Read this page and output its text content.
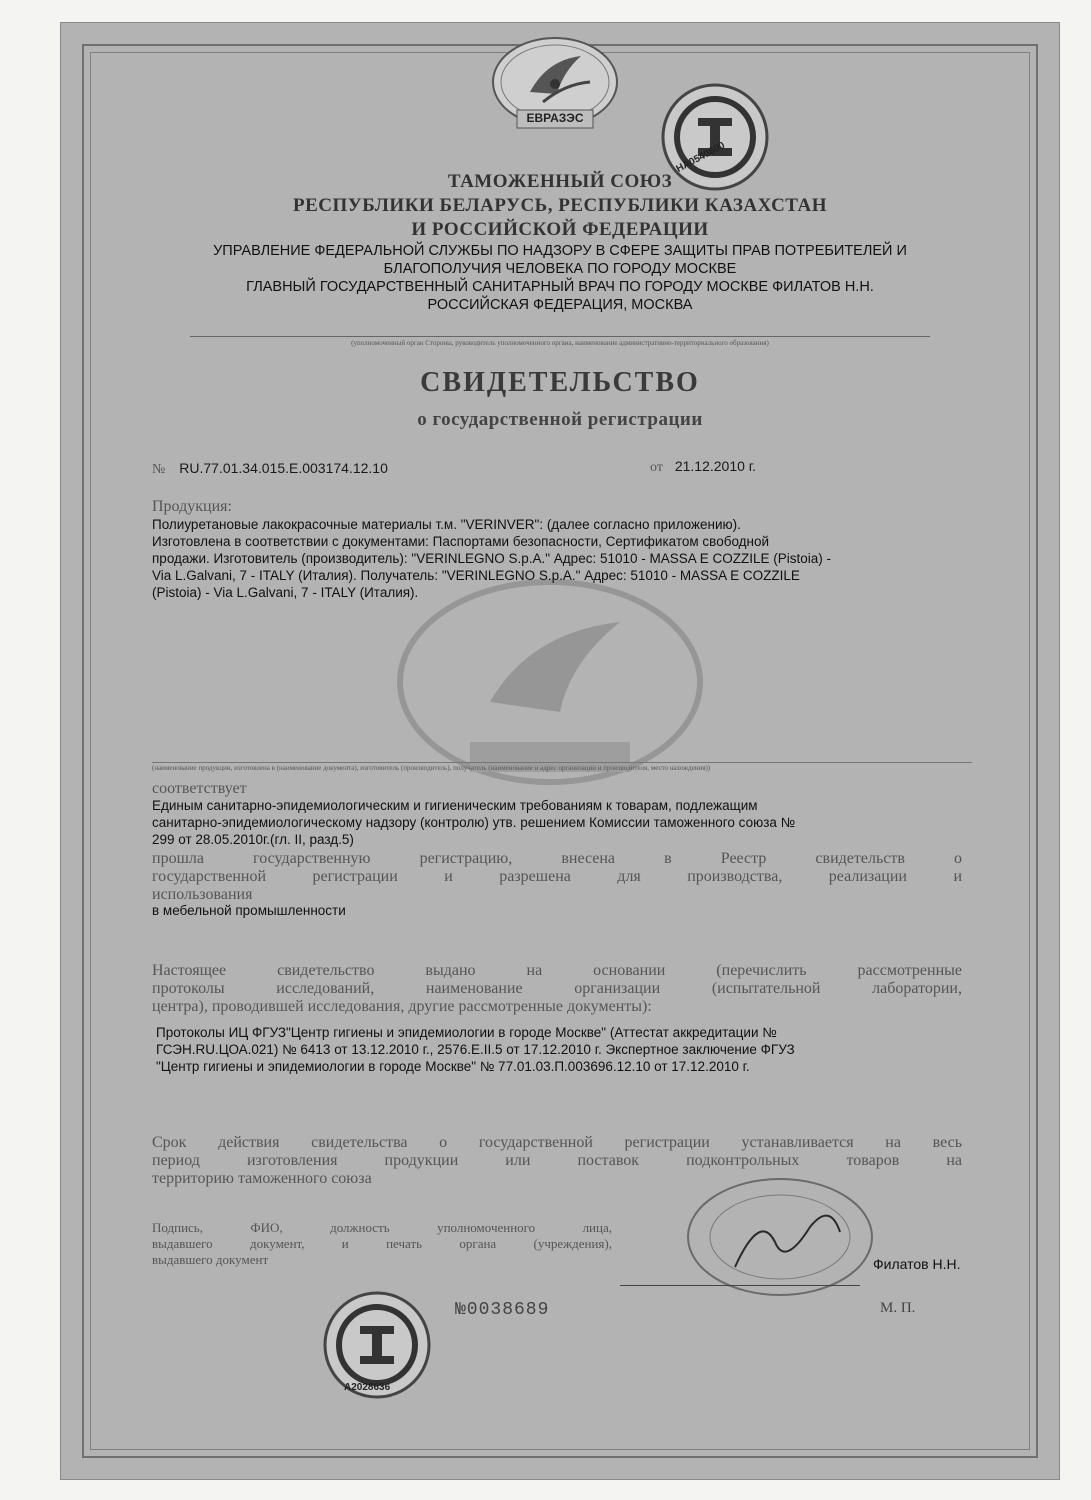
ЕВРАЗЭС
HA0540800
ТАМОЖЕННЫЙ СОЮЗ
РЕСПУБЛИКИ БЕЛАРУСЬ, РЕСПУБЛИКИ КАЗАХСТАН
И РОССИЙСКОЙ ФЕДЕРАЦИИ
УПРАВЛЕНИЕ ФЕДЕРАЛЬНОЙ СЛУЖБЫ ПО НАДЗОРУ В СФЕРЕ ЗАЩИТЫ ПРАВ ПОТРЕБИТЕЛЕЙ И
БЛАГОПОЛУЧИЯ ЧЕЛОВЕКА ПО ГОРОДУ МОСКВЕ
ГЛАВНЫЙ ГОСУДАРСТВЕННЫЙ САНИТАРНЫЙ ВРАЧ ПО ГОРОДУ МОСКВЕ ФИЛАТОВ Н.Н.
РОССИЙСКАЯ ФЕДЕРАЦИЯ, МОСКВА
(уполномоченный орган Стороны, руководитель уполномоченного органа, наименование административно-территориального образования)
СВИДЕТЕЛЬСТВО
о государственной регистрации
№ RU.77.01.34.015.Е.003174.12.10	от 21.12.2010 г.
Продукция:
Полиуретановые лакокрасочные материалы т.м. "VERINVER": (далее согласно приложению).
Изготовлена в соответствии с документами: Паспортами безопасности, Сертификатом свободной
продажи. Изготовитель (производитель): "VERINLEGNO S.p.A." Адрес: 51010 - MASSA E COZZILE (Pistoia) -
Via L.Galvani, 7 - ITALY (Италия). Получатель: "VERINLEGNO S.p.A." Адрес: 51010 - MASSA E COZZILE
(Pistoia) - Via L.Galvani, 7 - ITALY (Италия).
(наименование продукции, изготовлена в (наименование документа), изготовитель (производитель), получатель (наименование и адрес организации и производителя, место нахождения))
соответствует
Единым санитарно-эпидемиологическим и гигиеническим требованиям к товарам, подлежащим
санитарно-эпидемиологическому надзору (контролю) утв. решением Комиссии таможенного союза №
299 от 28.05.2010г.(гл. II, разд.5)
прошла государственную регистрацию, внесена в Реестр свидетельств о
государственной регистрации и разрешена для производства, реализации и
использования
в мебельной промышленности
Настоящее свидетельство выдано на основании (перечислить рассмотренные
протоколы исследований, наименование организации (испытательной лаборатории,
центра), проводившей исследования, другие рассмотренные документы):
Протоколы ИЦ ФГУЗ"Центр гигиены и эпидемиологии в городе Москве" (Аттестат аккредитации №
ГСЭН.RU.ЦОА.021) № 6413 от 13.12.2010 г., 2576.Е.II.5 от 17.12.2010 г. Экспертное заключение ФГУЗ
"Центр гигиены и эпидемиологии в городе Москве" № 77.01.03.П.003696.12.10 от 17.12.2010 г.
Срок действия свидетельства о государственной регистрации устанавливается на весь
период изготовления продукции или поставок подконтрольных товаров на
территорию таможенного союза
Подпись, ФИО, должность уполномоченного лица,
выдавшего документ, и печать органа (учреждения),
выдавшего документ	Филатов Н.Н.
М. П.
№0038689
A2028636
